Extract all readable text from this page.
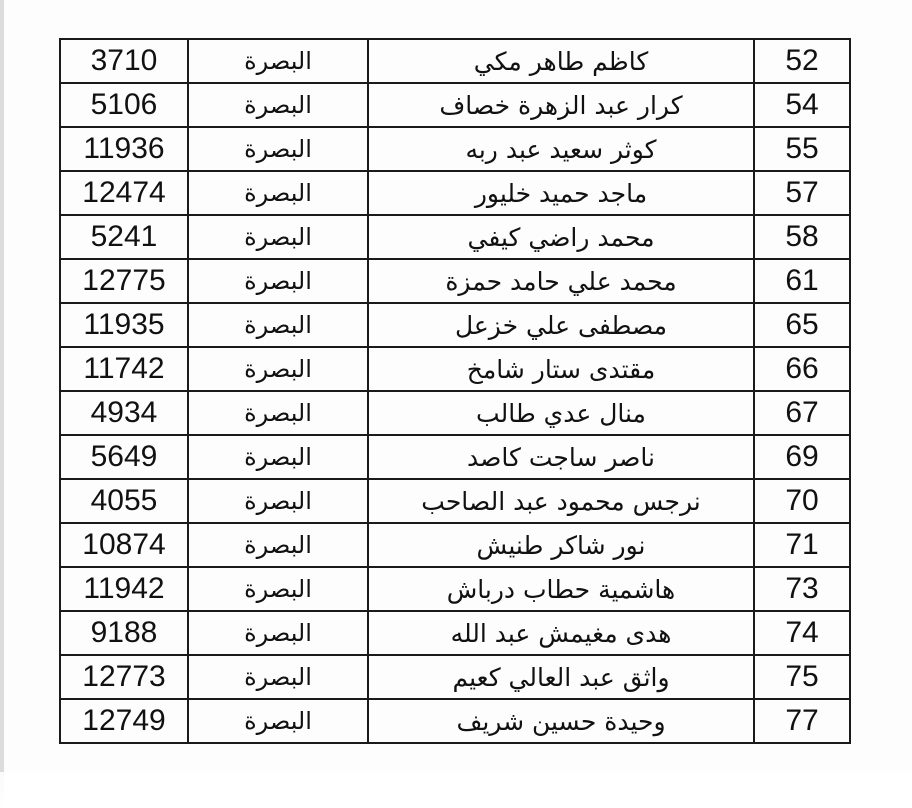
3710	البصرة	كاظم طاهر مكي	52
5106	البصرة	كرار عبد الزهرة خصاف	54
11936	البصرة	كوثر سعيد عبد ربه	55
12474	البصرة	ماجد حميد خليور	57
5241	البصرة	محمد راضي كيفي	58
12775	البصرة	محمد علي حامد حمزة	61
11935	البصرة	مصطفى علي خزعل	65
11742	البصرة	مقتدى ستار شامخ	66
4934	البصرة	منال عدي طالب	67
5649	البصرة	ناصر ساجت كاصد	69
4055	البصرة	نرجس محمود عبد الصاحب	70
10874	البصرة	نور شاكر طنيش	71
11942	البصرة	هاشمية حطاب درباش	73
9188	البصرة	هدى مغيمش عبد الله	74
12773	البصرة	واثق عبد العالي كعيم	75
12749	البصرة	وحيدة حسين شريف	77
